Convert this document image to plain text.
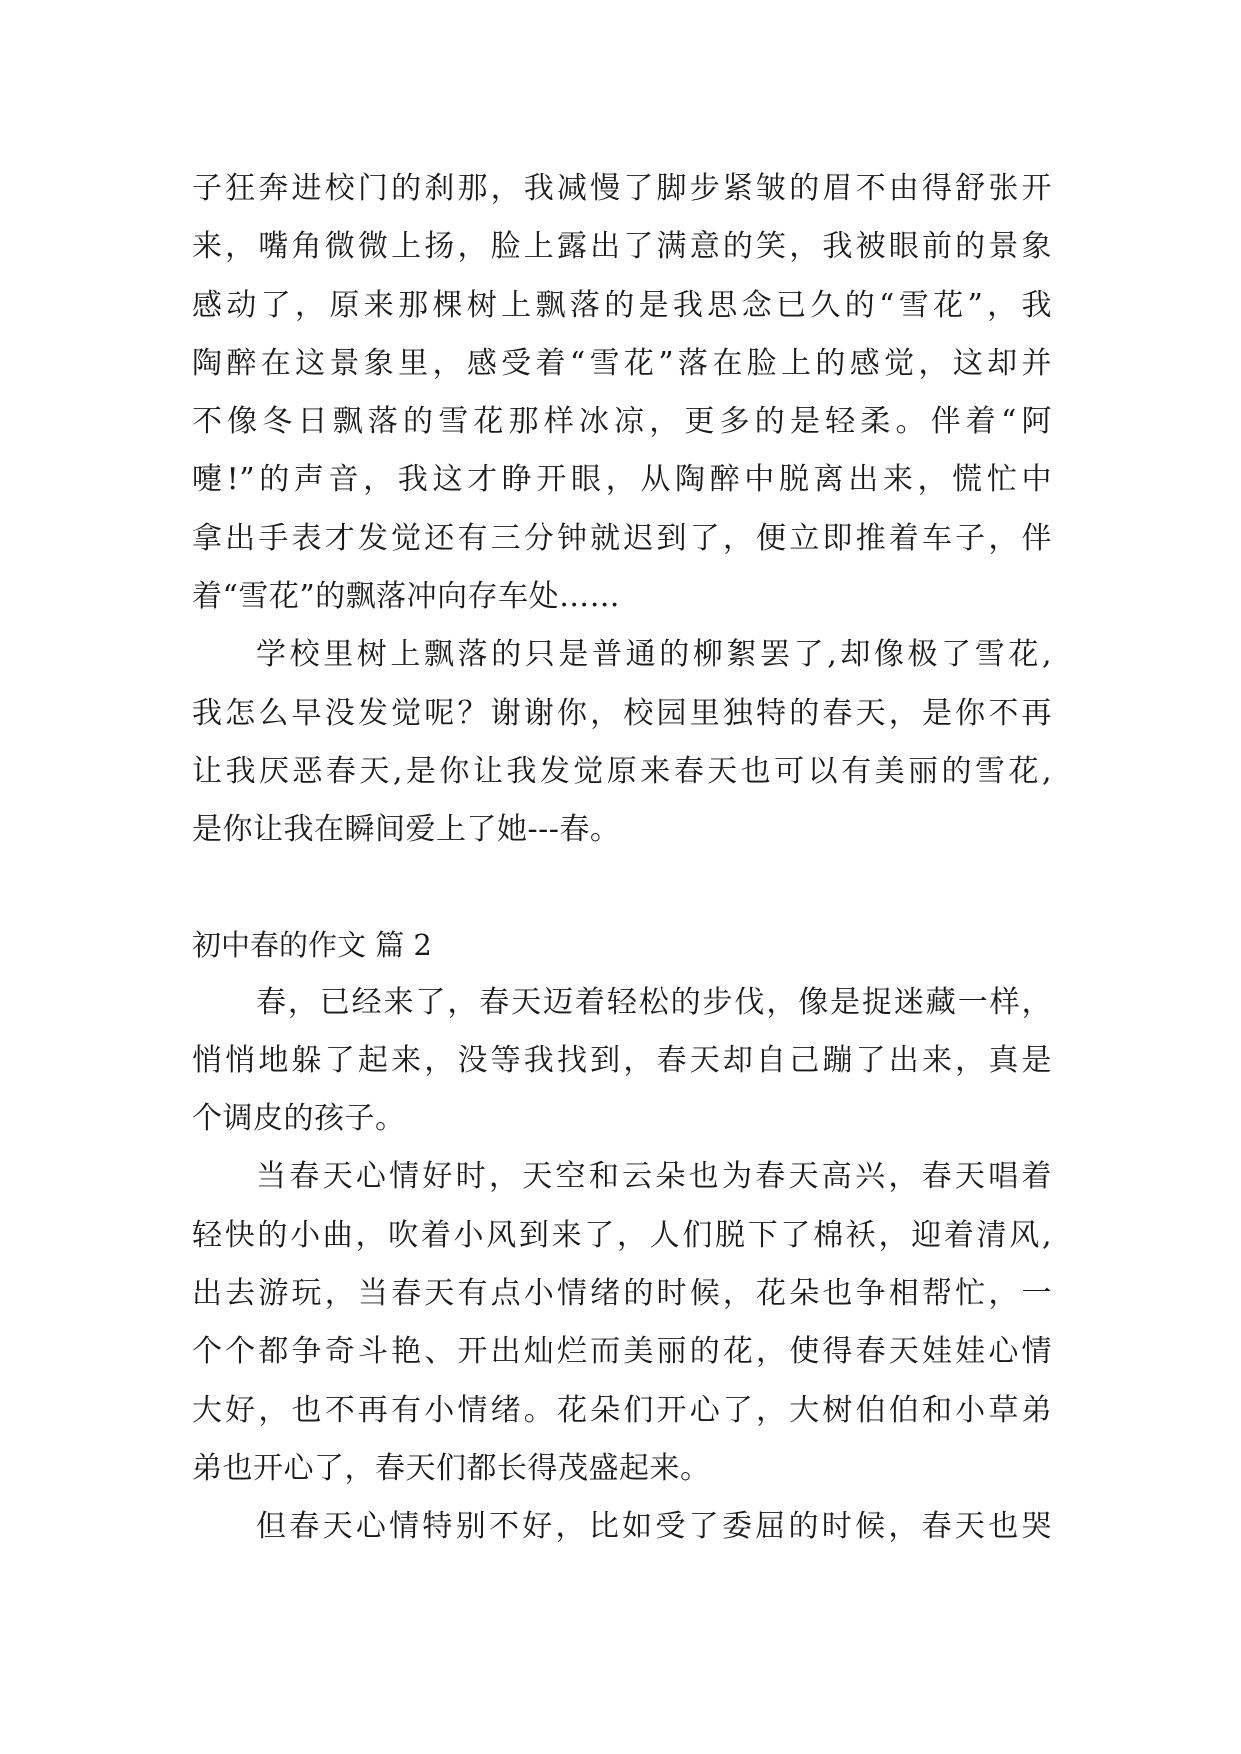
子狂奔进校门的刹那，我减慢了脚步紧皱的眉不由得舒张开
来，嘴角微微上扬，脸上露出了满意的笑，我被眼前的景象
感动了，原来那棵树上飘落的是我思念已久的“雪花”，我
陶醉在这景象里，感受着“雪花”落在脸上的感觉，这却并
不像冬日飘落的雪花那样冰凉，更多的是轻柔。伴着“阿
嚏!”的声音，我这才睁开眼，从陶醉中脱离出来，慌忙中
拿出手表才发觉还有三分钟就迟到了，便立即推着车子，伴
着“雪花”的飘落冲向存车处……
学校里树上飘落的只是普通的柳絮罢了,却像极了雪花,
我怎么早没发觉呢？谢谢你，校园里独特的春天，是你不再
让我厌恶春天,是你让我发觉原来春天也可以有美丽的雪花,
是你让我在瞬间爱上了她---春。
初中春的作文 篇 2
春，已经来了，春天迈着轻松的步伐，像是捉迷藏一样，
悄悄地躲了起来，没等我找到，春天却自己蹦了出来，真是
个调皮的孩子。
当春天心情好时，天空和云朵也为春天高兴，春天唱着
轻快的小曲，吹着小风到来了，人们脱下了棉袄，迎着清风,
出去游玩，当春天有点小情绪的时候，花朵也争相帮忙，一
个个都争奇斗艳、开出灿烂而美丽的花，使得春天娃娃心情
大好，也不再有小情绪。花朵们开心了，大树伯伯和小草弟
弟也开心了，春天们都长得茂盛起来。
但春天心情特别不好，比如受了委屈的时候，春天也哭
